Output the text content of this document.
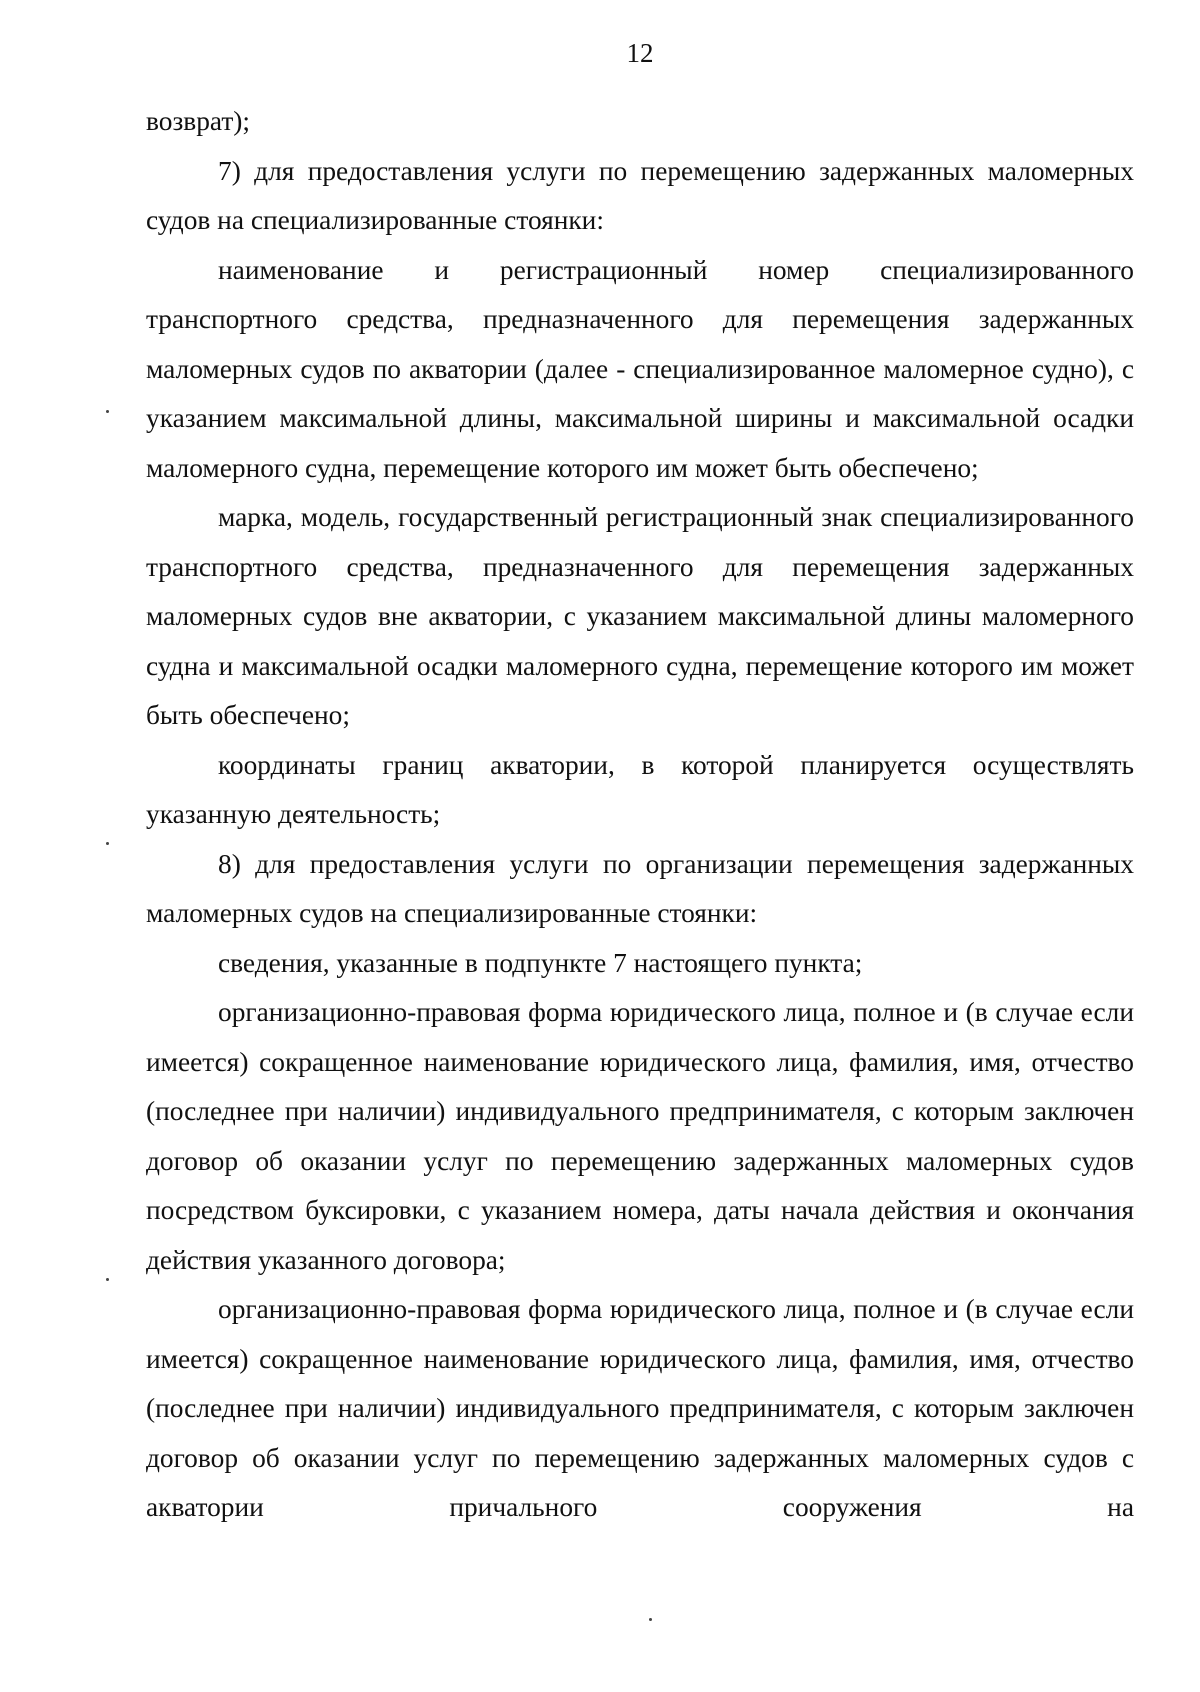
12

возврат);

7) для предоставления услуги по перемещению задержанных маломерных судов на специализированные стоянки:

наименование и регистрационный номер специализированного транспортного средства, предназначенного для перемещения задержанных маломерных судов по акватории (далее - специализированное маломерное судно), с указанием максимальной длины, максимальной ширины и максимальной осадки маломерного судна, перемещение которого им может быть обеспечено;

марка, модель, государственный регистрационный знак специализированного транспортного средства, предназначенного для перемещения задержанных маломерных судов вне акватории, с указанием максимальной длины маломерного судна и максимальной осадки маломерного судна, перемещение которого им может быть обеспечено;

координаты границ акватории, в которой планируется осуществлять указанную деятельность;

8) для предоставления услуги по организации перемещения задержанных маломерных судов на специализированные стоянки:

сведения, указанные в подпункте 7 настоящего пункта;

организационно-правовая форма юридического лица, полное и (в случае если имеется) сокращенное наименование юридического лица, фамилия, имя, отчество (последнее при наличии) индивидуального предпринимателя, с которым заключен договор об оказании услуг по перемещению задержанных маломерных судов посредством буксировки, с указанием номера, даты начала действия и окончания действия указанного договора;

организационно-правовая форма юридического лица, полное и (в случае если имеется) сокращенное наименование юридического лица, фамилия, имя, отчество (последнее при наличии) индивидуального предпринимателя, с которым заключен договор об оказании услуг по перемещению задержанных маломерных судов с акватории причального сооружения на
